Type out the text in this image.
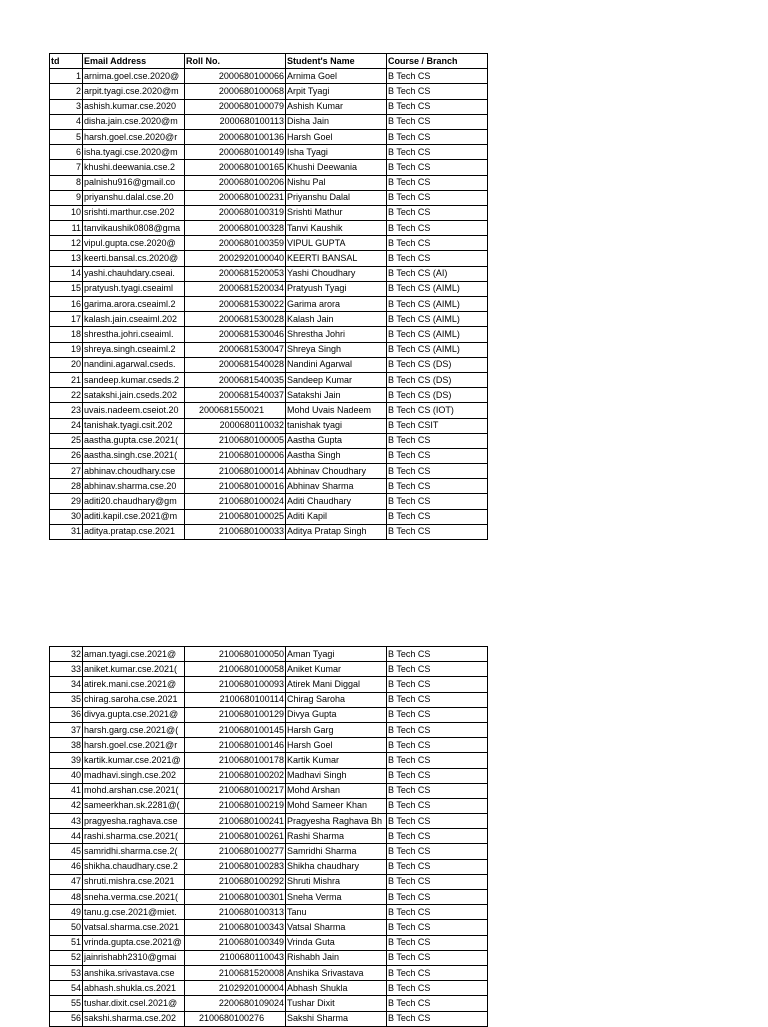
td	Email Address	Roll No.	Student's Name	Course / Branch
1	arnima.goel.cse.2020@	2000680100066	Arnima Goel	B Tech CS
2	arpit.tyagi.cse.2020@m	2000680100068	Arpit Tyagi	B Tech CS
3	ashish.kumar.cse.2020	2000680100079	Ashish Kumar	B Tech CS
4	disha.jain.cse.2020@m	2000680100113	Disha Jain	B Tech CS
5	harsh.goel.cse.2020@r	2000680100136	Harsh Goel	B Tech CS
6	isha.tyagi.cse.2020@m	2000680100149	Isha Tyagi	B Tech CS
7	khushi.deewania.cse.2	2000680100165	Khushi Deewania	B Tech CS
8	palnishu916@gmail.co	2000680100206	Nishu Pal	B Tech CS
9	priyanshu.dalal.cse.20	2000680100231	Priyanshu Dalal	B Tech CS
10	srishti.marthur.cse.202	2000680100319	Srishti Mathur	B Tech CS
11	tanvikaushik0808@gma	2000680100328	Tanvi Kaushik	B Tech CS
12	vipul.gupta.cse.2020@	2000680100359	VIPUL GUPTA	B Tech CS
13	keerti.bansal.cs.2020@	2002920100040	KEERTI BANSAL	B Tech CS
14	yashi.chauhdary.cseai.	2000681520053	Yashi Choudhary	B Tech CS (AI)
15	pratyush.tyagi.cseaiml	2000681520034	Pratyush Tyagi	B Tech CS (AIML)
16	garima.arora.cseaiml.2	2000681530022	Garima arora	B Tech CS (AIML)
17	kalash.jain.cseaiml.202	2000681530028	Kalash Jain	B Tech CS (AIML)
18	shrestha.johri.cseaiml.	2000681530046	Shrestha Johri	B Tech CS (AIML)
19	shreya.singh.cseaiml.2	2000681530047	Shreya Singh	B Tech CS (AIML)
20	nandini.agarwal.cseds.	2000681540028	Nandini Agarwal	B Tech CS (DS)
21	sandeep.kumar.cseds.2	2000681540035	Sandeep Kumar	B Tech CS (DS)
22	satakshi.jain.cseds.202	2000681540037	Satakshi Jain	B Tech CS (DS)
23	uvais.nadeem.cseiot.20	2000681550021	Mohd Uvais Nadeem	B Tech CS (IOT)
24	tanishak.tyagi.csit.202	2000680110032	tanishak tyagi	B Tech CSIT
25	aastha.gupta.cse.2021(	2100680100005	Aastha Gupta	B Tech CS
26	aastha.singh.cse.2021(	2100680100006	Aastha Singh	B Tech CS
27	abhinav.choudhary.cse	2100680100014	Abhinav Choudhary	B Tech CS
28	abhinav.sharma.cse.20	2100680100016	Abhinav Sharma	B Tech CS
29	aditi20.chaudhary@gm	2100680100024	Aditi Chaudhary	B Tech CS
30	aditi.kapil.cse.2021@m	2100680100025	Aditi Kapil	B Tech CS
31	aditya.pratap.cse.2021	2100680100033	Aditya Pratap Singh	B Tech CS
32	aman.tyagi.cse.2021@	2100680100050	Aman Tyagi	B Tech CS
33	aniket.kumar.cse.2021(	2100680100058	Aniket Kumar	B Tech CS
34	atirek.mani.cse.2021@	2100680100093	Atirek Mani Diggal	B Tech CS
35	chirag.saroha.cse.2021	2100680100114	Chirag Saroha	B Tech CS
36	divya.gupta.cse.2021@	2100680100129	Divya Gupta	B Tech CS
37	harsh.garg.cse.2021@(	2100680100145	Harsh Garg	B Tech CS
38	harsh.goel.cse.2021@r	2100680100146	Harsh Goel	B Tech CS
39	kartik.kumar.cse.2021@	2100680100178	Kartik Kumar	B Tech CS
40	madhavi.singh.cse.202	2100680100202	Madhavi Singh	B Tech CS
41	mohd.arshan.cse.2021(	2100680100217	Mohd Arshan	B Tech CS
42	sameerkhan.sk.2281@(	2100680100219	Mohd Sameer Khan	B Tech CS
43	pragyesha.raghava.cse	2100680100241	Pragyesha Raghava Bh	B Tech CS
44	rashi.sharma.cse.2021(	2100680100261	Rashi Sharma	B Tech CS
45	samridhi.sharma.cse.2(	2100680100277	Samridhi Sharma	B Tech CS
46	shikha.chaudhary.cse.2	2100680100283	Shikha chaudhary	B Tech CS
47	shruti.mishra.cse.2021	2100680100292	Shruti Mishra	B Tech CS
48	sneha.verma.cse.2021(	2100680100301	Sneha Verma	B Tech CS
49	tanu.g.cse.2021@miet.	2100680100313	Tanu	B Tech CS
50	vatsal.sharma.cse.2021	2100680100343	Vatsal Sharma	B Tech CS
51	vrinda.gupta.cse.2021@	2100680100349	Vrinda Guta	B Tech CS
52	jainrishabh2310@gmai	2100680110043	Rishabh Jain	B Tech CS
53	anshika.srivastava.cse	2100681520008	Anshika Srivastava	B Tech CS
54	abhash.shukla.cs.2021	2102920100004	Abhash Shukla	B Tech CS
55	tushar.dixit.csel.2021@	2200680109024	Tushar Dixit	B Tech CS
56	sakshi.sharma.cse.202	2100680100276	Sakshi Sharma	B Tech CS
